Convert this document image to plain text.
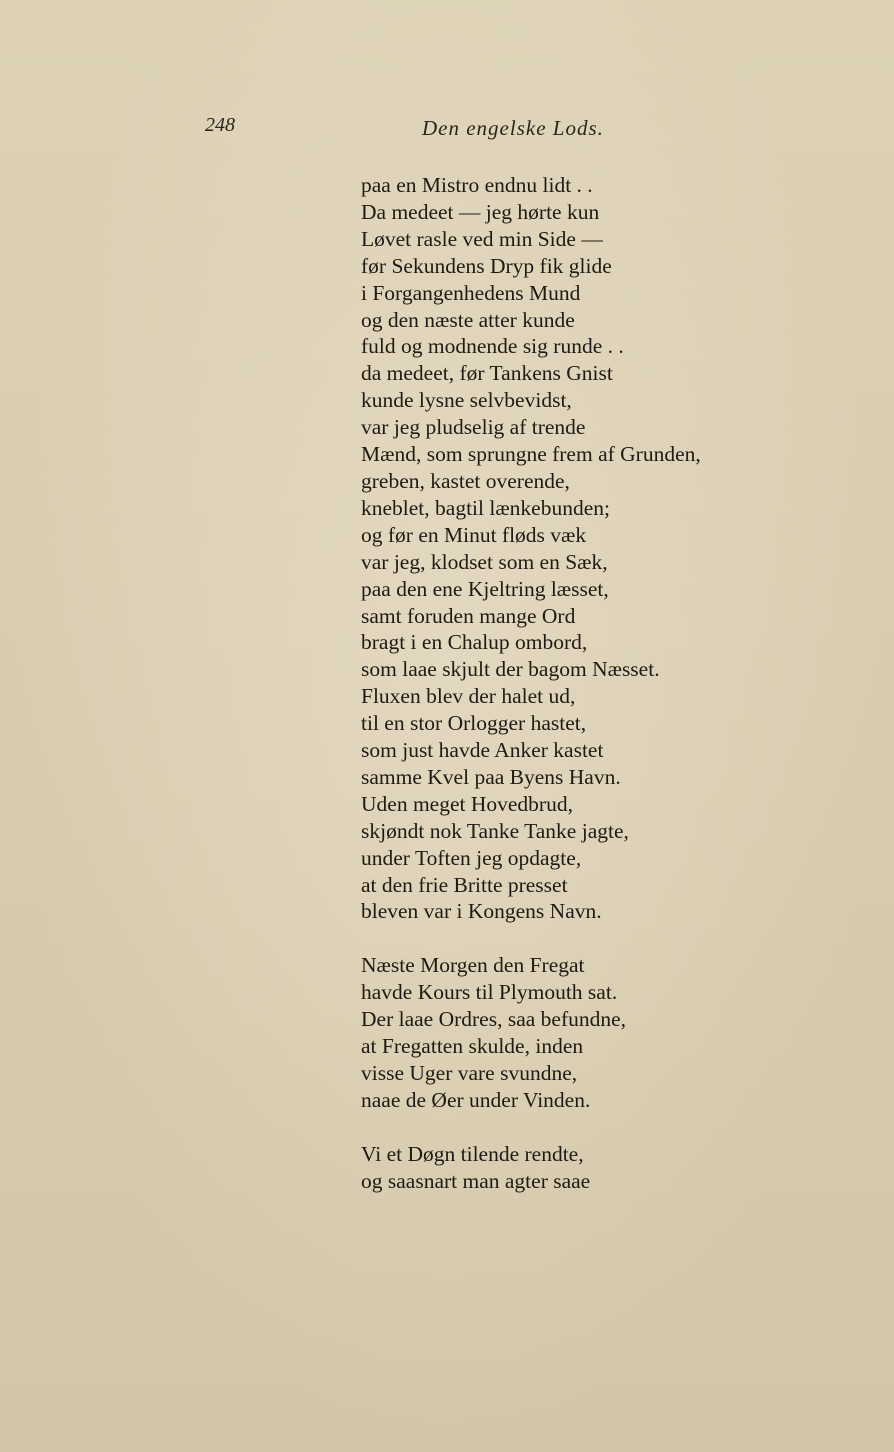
248	Den engelske Lods.
paa en Mistro endnu lidt . .
Da medeet — jeg hørte kun
Løvet rasle ved min Side —
før Sekundens Dryp fik glide
i Forgangenhedens Mund
og den næste atter kunde
fuld og modnende sig runde . .
da medeet, før Tankens Gnist
kunde lysne selvbevidst,
var jeg pludselig af trende
Mænd, som sprungne frem af Grunden,
greben, kastet overende,
kneblet, bagtil lænkebunden;
og før en Minut fløds væk
var jeg, klodset som en Sæk,
paa den ene Kjeltring læsset,
samt foruden mange Ord
bragt i en Chalup ombord,
som laae skjult der bagom Næsset.
Fluxen blev der halet ud,
til en stor Orlogger hastet,
som just havde Anker kastet
samme Kvel paa Byens Havn.
Uden meget Hovedbrud,
skjøndt nok Tanke Tanke jagte,
under Toften jeg opdagte,
at den frie Britte presset
bleven var i Kongens Navn.
Næste Morgen den Fregat
havde Kours til Plymouth sat.
Der laae Ordres, saa befundne,
at Fregatten skulde, inden
visse Uger vare svundne,
naae de Øer under Vinden.
Vi et Døgn tilende rendte,
og saasnart man agter saae
